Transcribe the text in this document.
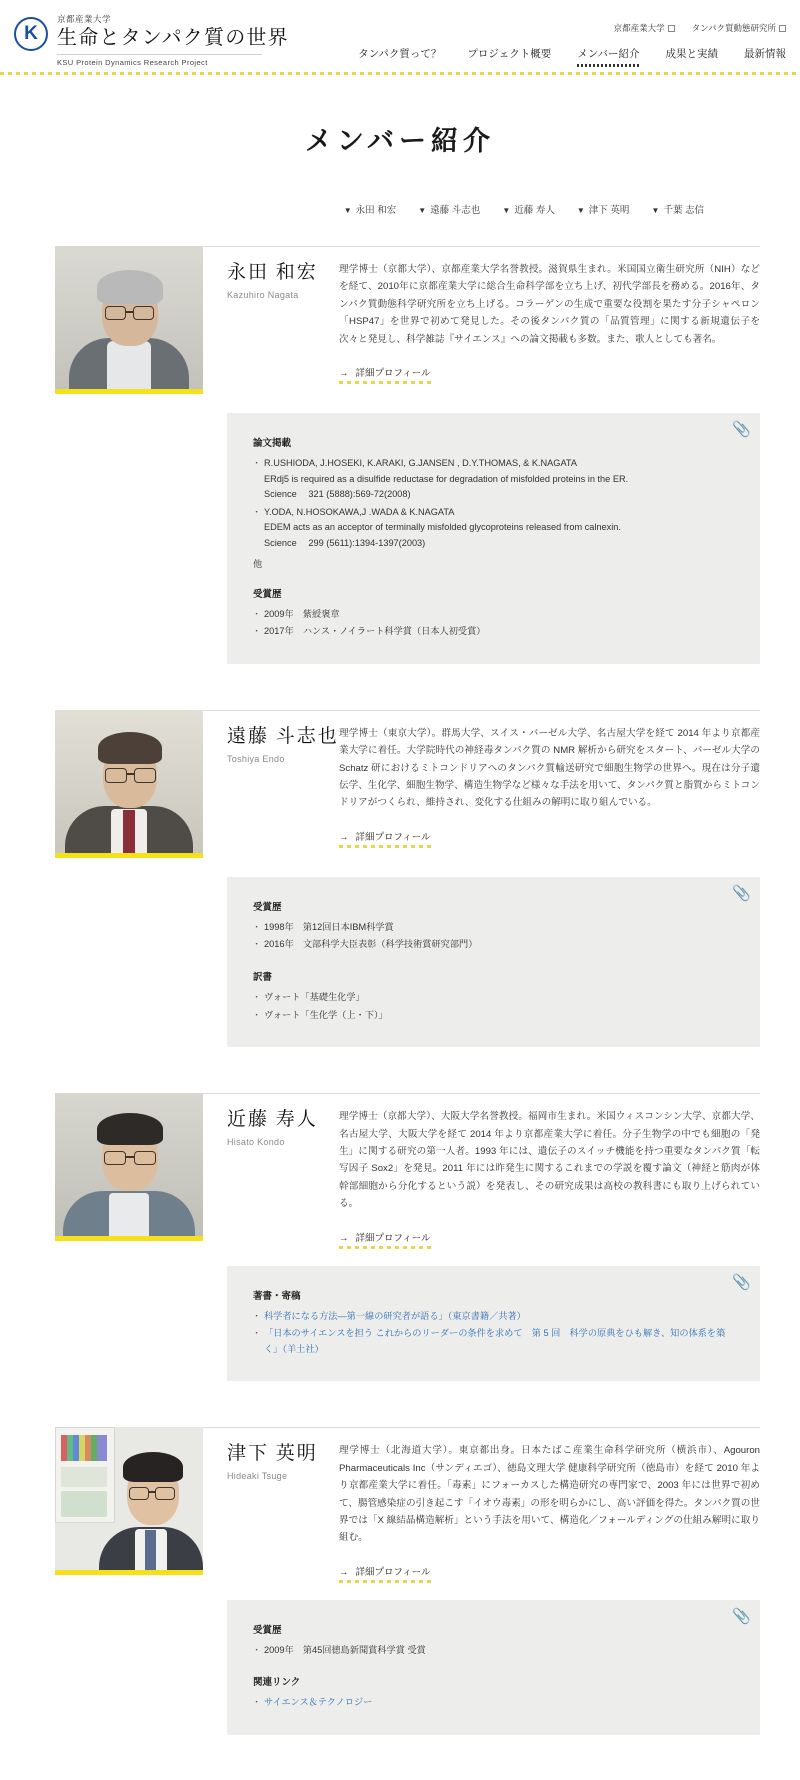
K
京都産業大学
生命とタンパク質の世界
KSU Protein Dynamics Research Project
京都産業大学	タンパク質動態研究所
タンパク質って？ プロジェクト概要 メンバー紹介 成果と実績 最新情報
メンバー紹介
▼ 永田 和宏	▼ 遠藤 斗志也	▼ 近藤 寿人	▼ 津下 英明	▼ 千葉 志信
永田 和宏
Kazuhiro Nagata
理学博士（京都大学）、京都産業大学名誉教授。滋賀県生まれ。米国国立衛生研究所（NIH）などを経て、2010年に京都産業大学に総合生命科学部を立ち上げ、初代学部長を務める。2016年、タンパク質動態科学研究所を立ち上げる。コラーゲンの生成で重要な役割を果たす分子シャペロン「HSP47」を世界で初めて発見した。その後タンパク質の「品質管理」に関する新規遺伝子を次々と発見し、科学雑誌『サイエンス』への論文掲載も多数。また、歌人としても著名。
→ 詳細プロフィール
📎
論文掲載
・ R.USHIODA, J.HOSEKI, K.ARAKI, G.JANSEN , D.Y.THOMAS, & K.NAGATA
ERdj5 is required as a disulfide reductase for degradation of misfolded proteins in the ER.
Science 　321 (5888):569-72(2008)
・ Y.ODA, N.HOSOKAWA,J .WADA & K.NAGATA
EDEM acts as an acceptor of terminally misfolded glycoproteins released from calnexin.
Science 　299 (5611):1394-1397(2003)
他
受賞歴
・ 2009年　紫綬褒章
・ 2017年　ハンス・ノイラート科学賞（日本人初受賞）
遠藤 斗志也
Toshiya Endo
理学博士（東京大学）。群馬大学、スイス・バーゼル大学、名古屋大学を経て 2014 年より京都産業大学に着任。大学院時代の神経毒タンパク質の NMR 解析から研究をスタート、バーゼル大学の Schatz 研におけるミトコンドリアへのタンパク質輸送研究で細胞生物学の世界へ。現在は分子遺伝学、生化学、細胞生物学、構造生物学など様々な手法を用いて、タンパク質と脂質からミトコンドリアがつくられ、維持され、変化する仕組みの解明に取り組んでいる。
→ 詳細プロフィール
📎
受賞歴
・ 1998年　第12回日本IBM科学賞
・ 2016年　文部科学大臣表彰（科学技術賞研究部門）
訳書
・ ヴォート「基礎生化学」
・ ヴォート「生化学（上・下）」
近藤 寿人
Hisato Kondo
理学博士（京都大学）、大阪大学名誉教授。福岡市生まれ。米国ウィスコンシン大学、京都大学、名古屋大学、大阪大学を経て 2014 年より京都産業大学に着任。分子生物学の中でも細胞の「発生」に関する研究の第一人者。1993 年には、遺伝子のスイッチ機能を持つ重要なタンパク質「転写因子 Sox2」を発見。2011 年には昨発生に関するこれまでの学説を覆す論文（神経と筋肉が体幹部細胞から分化するという説）を発表し、その研究成果は高校の教科書にも取り上げられている。
→ 詳細プロフィール
📎
著書・寄稿
・ 科学者になる方法―第一線の研究者が語る」（東京書籍／共著）
・ 「日本のサイエンスを担う これからのリーダーの条件を求めて　第 5 回　科学の原典をひも解き、知の体系を築く」（羊土社）
津下 英明
Hideaki Tsuge
理学博士（北海道大学）。東京都出身。日本たばこ産業生命科学研究所（横浜市）、Agouron Pharmaceuticals Inc（サンディエゴ）、徳島文理大学 健康科学研究所（徳島市）を経て 2010 年より京都産業大学に着任。「毒素」にフォーカスした構造研究の専門家で、2003 年には世界で初めて、腸管感染症の引き起こす「イオウ毒素」の形を明らかにし、高い評価を得た。タンパク質の世界では「X 線結晶構造解析」という手法を用いて、構造化／フォールディングの仕組み解明に取り組む。
→ 詳細プロフィール
📎
受賞歴
・ 2009年　第45回徳島新聞賞科学賞 受賞
関連リンク
・ サイエンス＆テクノロジー
